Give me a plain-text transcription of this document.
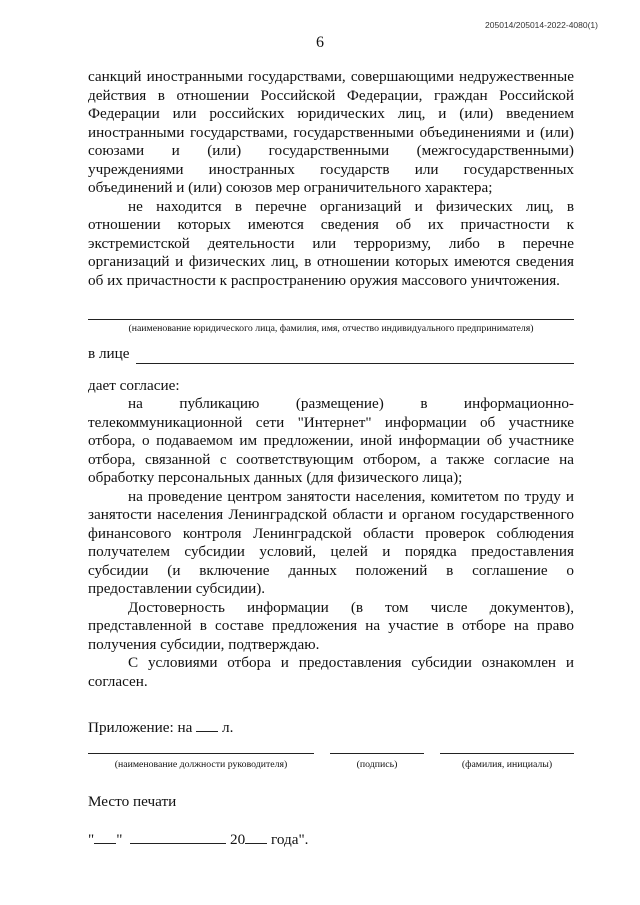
205014/205014-2022-4080(1)
6

санкций иностранными государствами, совершающими недружественные действия в отношении Российской Федерации, граждан Российской Федерации или российских юридических лиц, и (или) введением иностранными государствами, государственными объединениями и (или) союзами и (или) государственными (межгосударственными) учреждениями иностранных государств или государственных объединений и (или) союзов мер ограничительного характера;

не находится в перечне организаций и физических лиц, в отношении которых имеются сведения об их причастности к экстремистской деятельности или терроризму, либо в перечне организаций и физических лиц, в отношении которых имеются сведения об их причастности к распространению оружия массового уничтожения.

(наименование юридического лица, фамилия, имя, отчество индивидуального предпринимателя)
в лице

дает согласие:

на публикацию (размещение) в информационно-телекоммуникационной сети "Интернет" информации об участнике отбора, о подаваемом им предложении, иной информации об участнике отбора, связанной с соответствующим отбором, а также согласие на обработку персональных данных (для физического лица);

на проведение центром занятости населения, комитетом по труду и занятости населения Ленинградской области и органом государственного финансового контроля Ленинградской области проверок соблюдения получателем субсидии условий, целей и порядка предоставления субсидии (и включение данных положений в соглашение о предоставлении субсидии).

Достоверность информации (в том числе документов), представленной в составе предложения на участие в отборе на право получения субсидии, подтверждаю.

С условиями отбора и предоставления субсидии ознакомлен и согласен.

Приложение: на л.
(наименование должности руководителя)	(подпись)	(фамилия, инициалы)
Место печати
" "	20 года".
